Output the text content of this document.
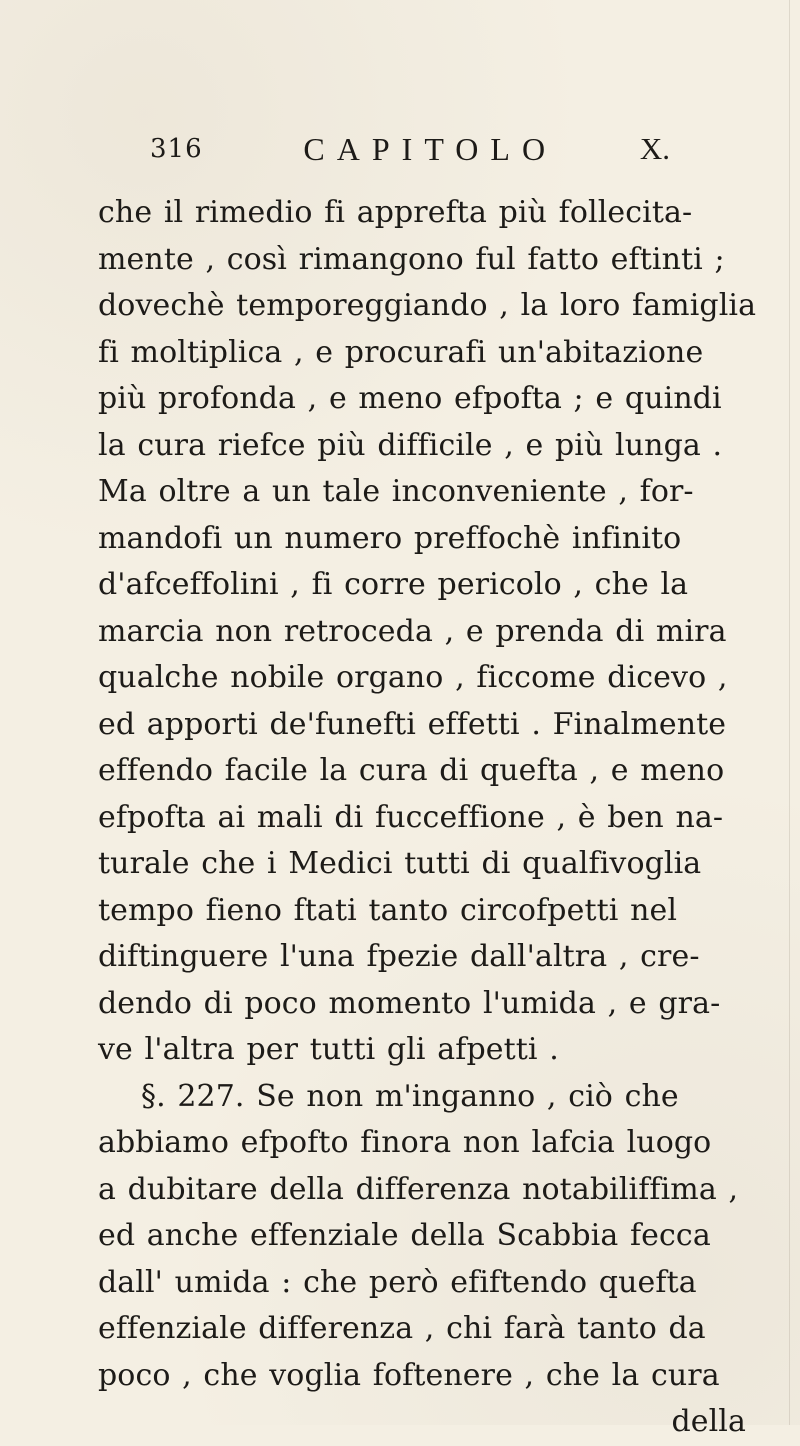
316	CAPITOLO	X.
che il rimedio fi apprefta più follecita-
mente , così rimangono ful fatto eftinti ;
dovechè temporeggiando , la loro famiglia
fi moltiplica , e procurafi un'abitazione
più profonda , e meno efpofta ; e quindi
la cura riefce più difficile , e più lunga .
Ma oltre a un tale inconveniente , for-
mandofi un numero preffochè infinito
d'afceffolini , fi corre pericolo , che la
marcia non retroceda , e prenda di mira
qualche nobile organo , ficcome dicevo ,
ed apporti de'funefti effetti . Finalmente
effendo facile la cura di quefta , e meno
efpofta ai mali di fucceffione , è ben na-
turale che i Medici tutti di qualfivoglia
tempo fieno ftati tanto circofpetti nel
diftinguere l'una fpezie dall'altra , cre-
dendo di poco momento l'umida , e gra-
ve l'altra per tutti gli afpetti .
§. 227. Se non m'inganno , ciò che
abbiamo efpofto finora non lafcia luogo
a dubitare della differenza notabiliffima ,
ed anche effenziale della Scabbia fecca
dall' umida : che però efiftendo quefta
effenziale differenza , chi farà tanto da
poco , che voglia foftenere , che la cura
della
